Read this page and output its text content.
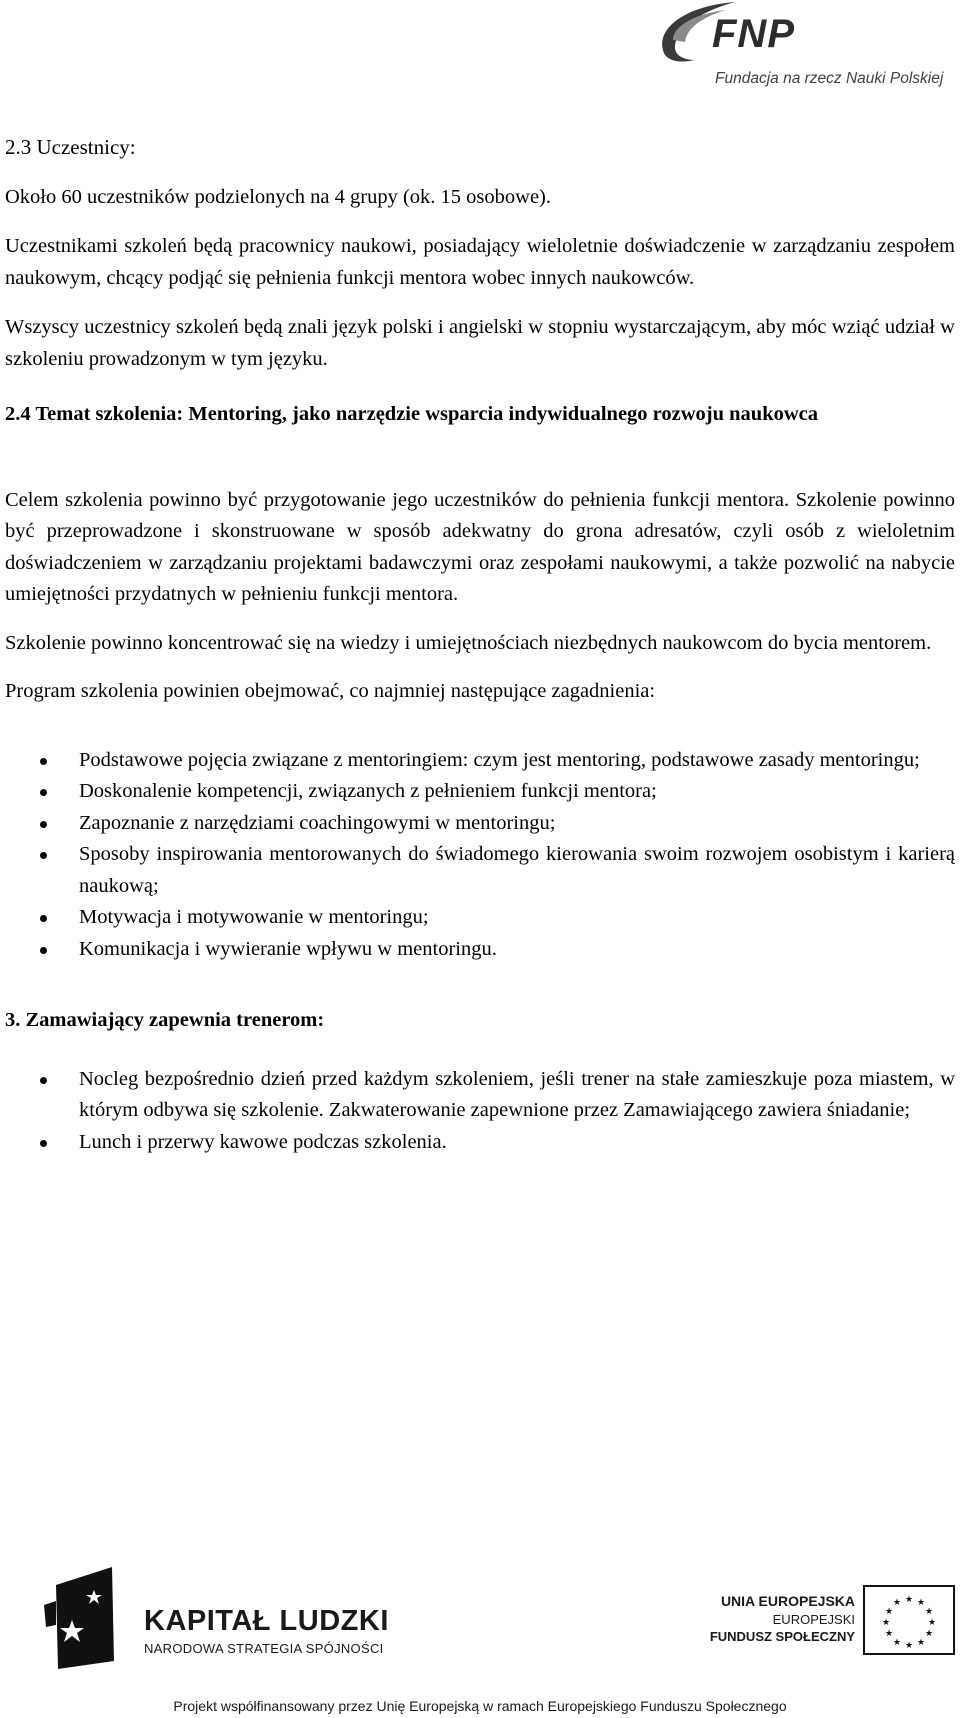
FNP
Fundacja na rzecz Nauki Polskiej

2.3 Uczestnicy:

Około 60 uczestników podzielonych na 4 grupy (ok. 15 osobowe).

Uczestnikami szkoleń będą pracownicy naukowi, posiadający wieloletnie doświadczenie w zarządzaniu zespołem naukowym, chcący podjąć się pełnienia funkcji mentora wobec innych naukowców.

Wszyscy uczestnicy szkoleń będą znali język polski i angielski w stopniu wystarczającym, aby móc wziąć udział w szkoleniu prowadzonym w tym języku.

2.4 Temat szkolenia: Mentoring, jako narzędzie wsparcia indywidualnego rozwoju naukowca

Celem szkolenia powinno być przygotowanie jego uczestników do pełnienia funkcji mentora. Szkolenie powinno być przeprowadzone i skonstruowane w sposób adekwatny do grona adresatów, czyli osób z wieloletnim doświadczeniem w zarządzaniu projektami badawczymi oraz zespołami naukowymi, a także pozwolić na nabycie umiejętności przydatnych w pełnieniu funkcji mentora.

Szkolenie powinno koncentrować się na wiedzy i umiejętnościach niezbędnych naukowcom do bycia mentorem.

Program szkolenia powinien obejmować, co najmniej następujące zagadnienia:

Podstawowe pojęcia związane z mentoringiem: czym jest mentoring, podstawowe zasady mentoringu;
Doskonalenie kompetencji, związanych z pełnieniem funkcji mentora;
Zapoznanie z narzędziami coachingowymi w mentoringu;
Sposoby inspirowania mentorowanych do świadomego kierowania swoim rozwojem osobistym i karierą naukową;
Motywacja i motywowanie w mentoringu;
Komunikacja i wywieranie wpływu w mentoringu.

3. Zamawiający zapewnia trenerom:

Nocleg bezpośrednio dzień przed każdym szkoleniem, jeśli trener na stałe zamieszkuje poza miastem, w którym odbywa się szkolenie. Zakwaterowanie zapewnione przez Zamawiającego zawiera śniadanie;
Lunch i przerwy kawowe podczas szkolenia.
KAPITAŁ LUDZKI
NARODOWA STRATEGIA SPÓJNOŚCI
UNIA EUROPEJSKA
EUROPEJSKI
FUNDUSZ SPOŁECZNY
★ ★
★
★
★
★
★
★
★
★
★
★
Projekt współfinansowany przez Unię Europejską w ramach Europejskiego Funduszu Społecznego
